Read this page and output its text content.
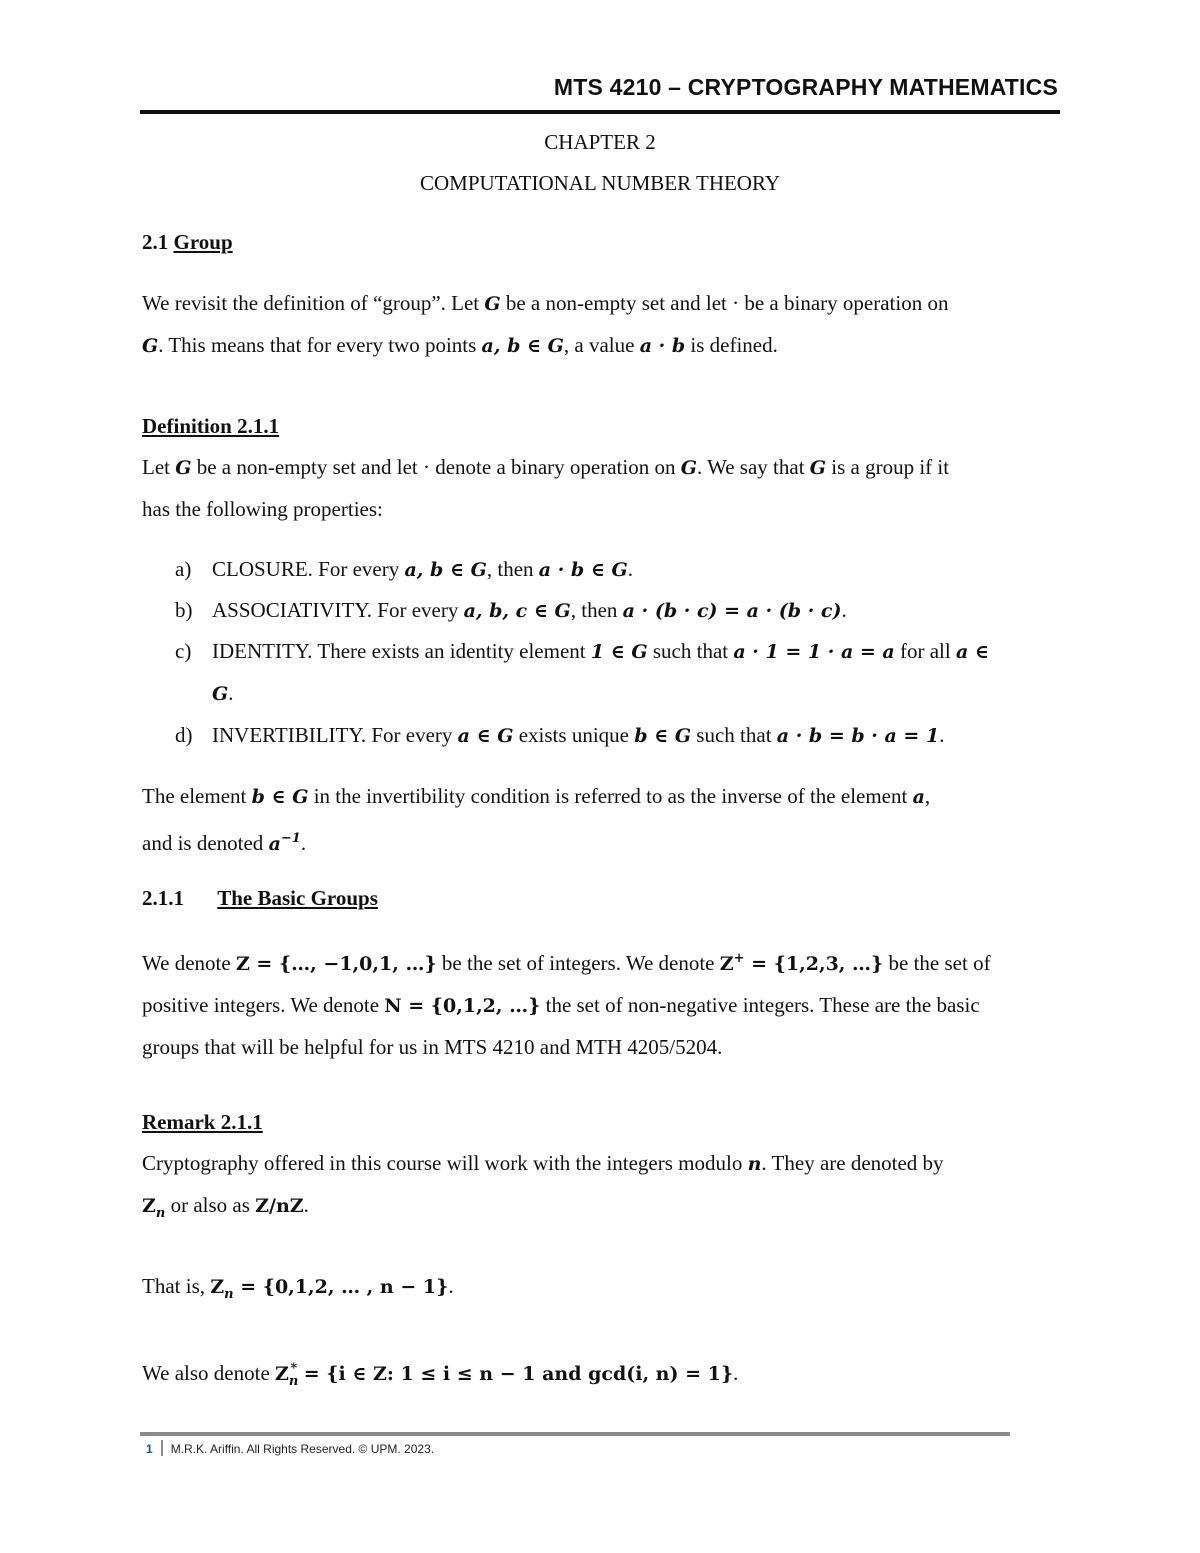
MTS 4210 – CRYPTOGRAPHY MATHEMATICS
CHAPTER 2
COMPUTATIONAL NUMBER THEORY
2.1 Group
We revisit the definition of “group”. Let G be a non-empty set and let · be a binary operation on
G. This means that for every two points a, b ∈ G, a value a · b is defined.
Definition 2.1.1
Let G be a non-empty set and let · denote a binary operation on G. We say that G is a group if it
has the following properties:
a) CLOSURE. For every a, b ∈ G, then a · b ∈ G.
b) ASSOCIATIVITY. For every a, b, c ∈ G, then a · (b · c) = a · (b · c).
c) IDENTITY. There exists an identity element 1 ∈ G such that a · 1 = 1 · a = a for all a ∈
G.
d) INVERTIBILITY. For every a ∈ G exists unique b ∈ G such that a · b = b · a = 1.
The element b ∈ G in the invertibility condition is referred to as the inverse of the element a,
and is denoted $a^{-1}$.
2.1.1 The Basic Groups
We denote Z = {…, −1,0,1, …} be the set of integers. We denote Z+ = {1,2,3, …} be the set of
positive integers. We denote N = {0,1,2, …} the set of non-negative integers. These are the basic
groups that will be helpful for us in MTS 4210 and MTH 4205/5204.
Remark 2.1.1
Cryptography offered in this course will work with the integers modulo n. They are denoted by
$Z_n$ or also as Z/nZ.
That is, $Z_n = \{0,1,2$, … , n − 1}.
We also denote $Z_n^* = \{i$ ∈ Z: 1 ≤ i ≤ n − 1 and gcd(i, n) = 1}.
1 M.R.K. Ariffin. All Rights Reserved. © UPM. 2023.
